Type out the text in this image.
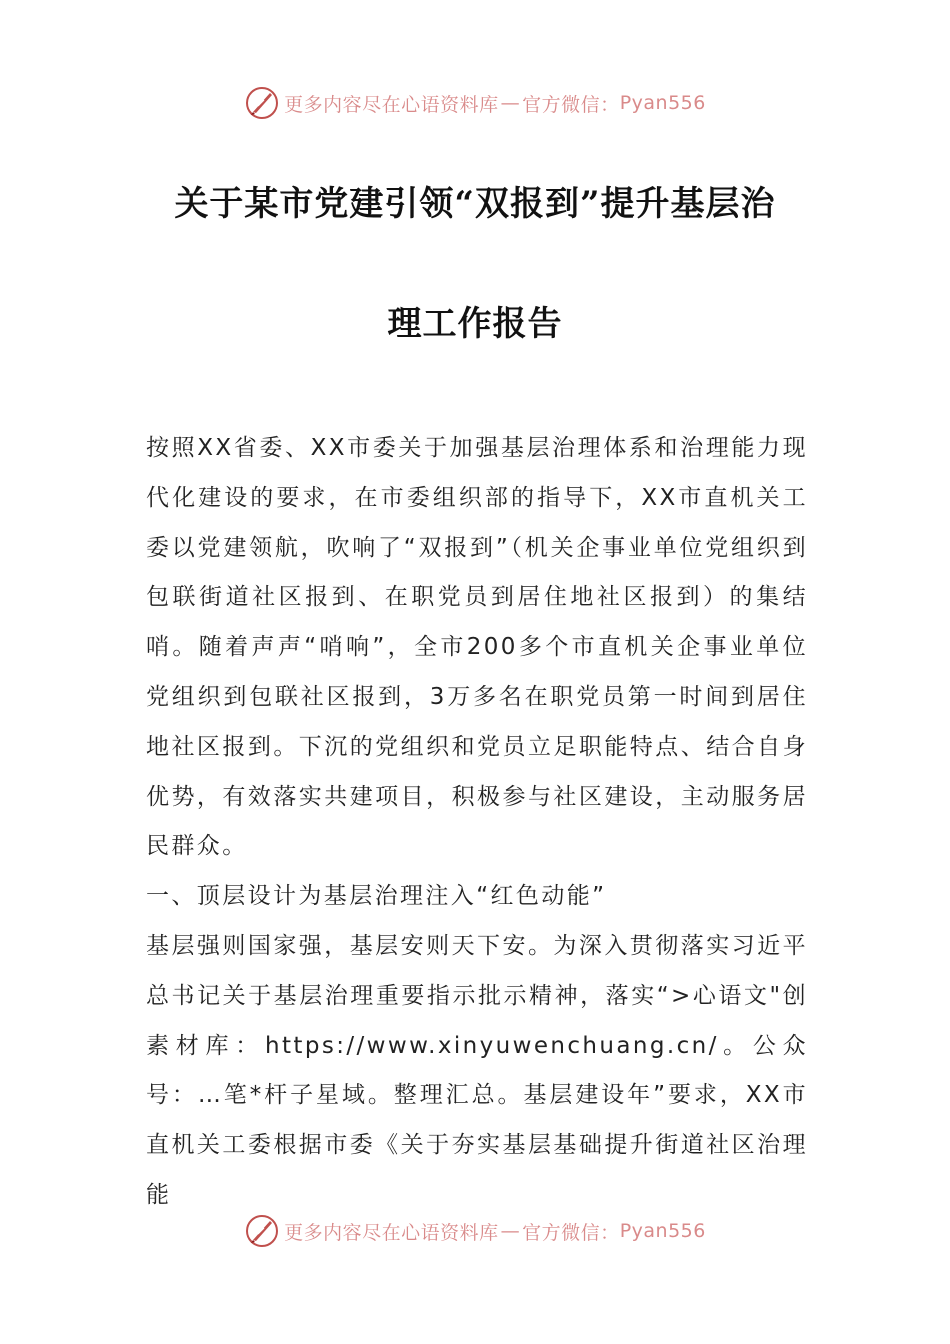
更多内容尽在心语资料库 — 官方微信： Pyan556
关于某市党建引领“双报到”提升基层治
理工作报告

按照XX省委、XX市委关于加强基层治理体系和治理能力现代化建设的要求，在市委组织部的指导下，XX市直机关工委以党建领航，吹响了“双报到”（机关企事业单位党组织到包联街道社区报到、在职党员到居住地社区报到）的集结哨。随着声声“哨响”，全市200多个市直机关企事业单位党组织到包联社区报到，3万多名在职党员第一时间到居住地社区报到。下沉的党组织和党员立足职能特点、结合自身优势，有效落实共建项目，积极参与社区建设，主动服务居民群众。

一、顶层设计为基层治理注入“红色动能”

基层强则国家强，基层安则天下安。为深入贯彻落实习近平总书记关于基层治理重要指示批示精神，落实“>心语文"创素材库：https://www.xinyuwenchuang.cn/。公众号：…笔*杆子星域。整理汇总。基层建设年”要求，XX市直机关工委根据市委《关于夯实基层基础提升街道社区治理能

更多内容尽在心语资料库 — 官方微信： Pyan556
